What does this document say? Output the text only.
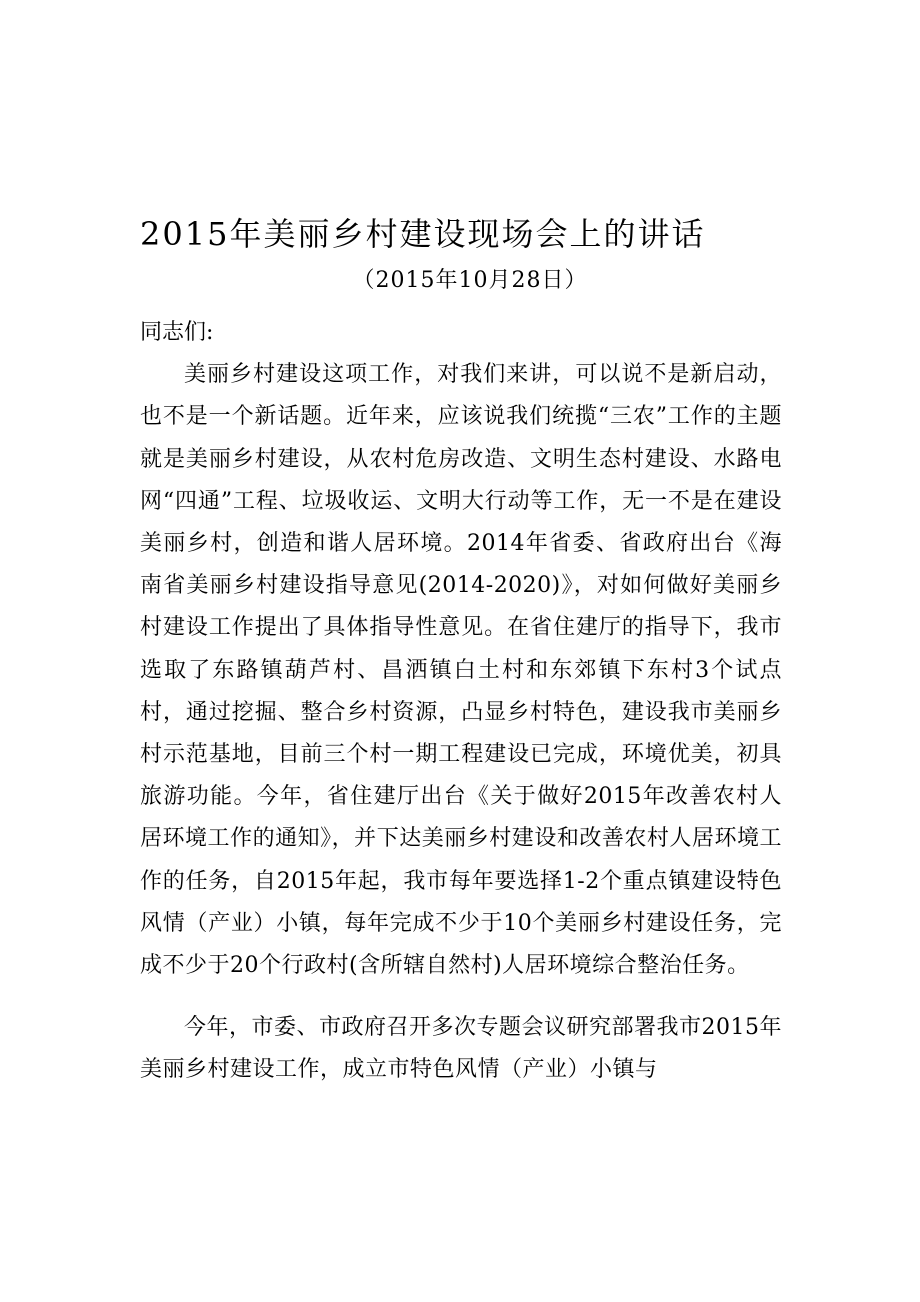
2015年美丽乡村建设现场会上的讲话

（2015年10月28日）

同志们:

美丽乡村建设这项工作，对我们来讲，可以说不是新启动，也不是一个新话题。近年来，应该说我们统揽“三农”工作的主题就是美丽乡村建设，从农村危房改造、文明生态村建设、水路电网“四通”工程、垃圾收运、文明大行动等工作，无一不是在建设美丽乡村，创造和谐人居环境。2014年省委、省政府出台《海南省美丽乡村建设指导意见(2014-2020)》，对如何做好美丽乡村建设工作提出了具体指导性意见。在省住建厅的指导下，我市选取了东路镇葫芦村、昌洒镇白土村和东郊镇下东村3个试点村，通过挖掘、整合乡村资源，凸显乡村特色，建设我市美丽乡村示范基地，目前三个村一期工程建设已完成，环境优美，初具旅游功能。今年，省住建厅出台《关于做好2015年改善农村人居环境工作的通知》，并下达美丽乡村建设和改善农村人居环境工作的任务，自2015年起，我市每年要选择1-2个重点镇建设特色风情（产业）小镇，每年完成不少于10个美丽乡村建设任务，完成不少于20个行政村(含所辖自然村)人居环境综合整治任务。

今年，市委、市政府召开多次专题会议研究部署我市2015年美丽乡村建设工作，成立市特色风情（产业）小镇与
